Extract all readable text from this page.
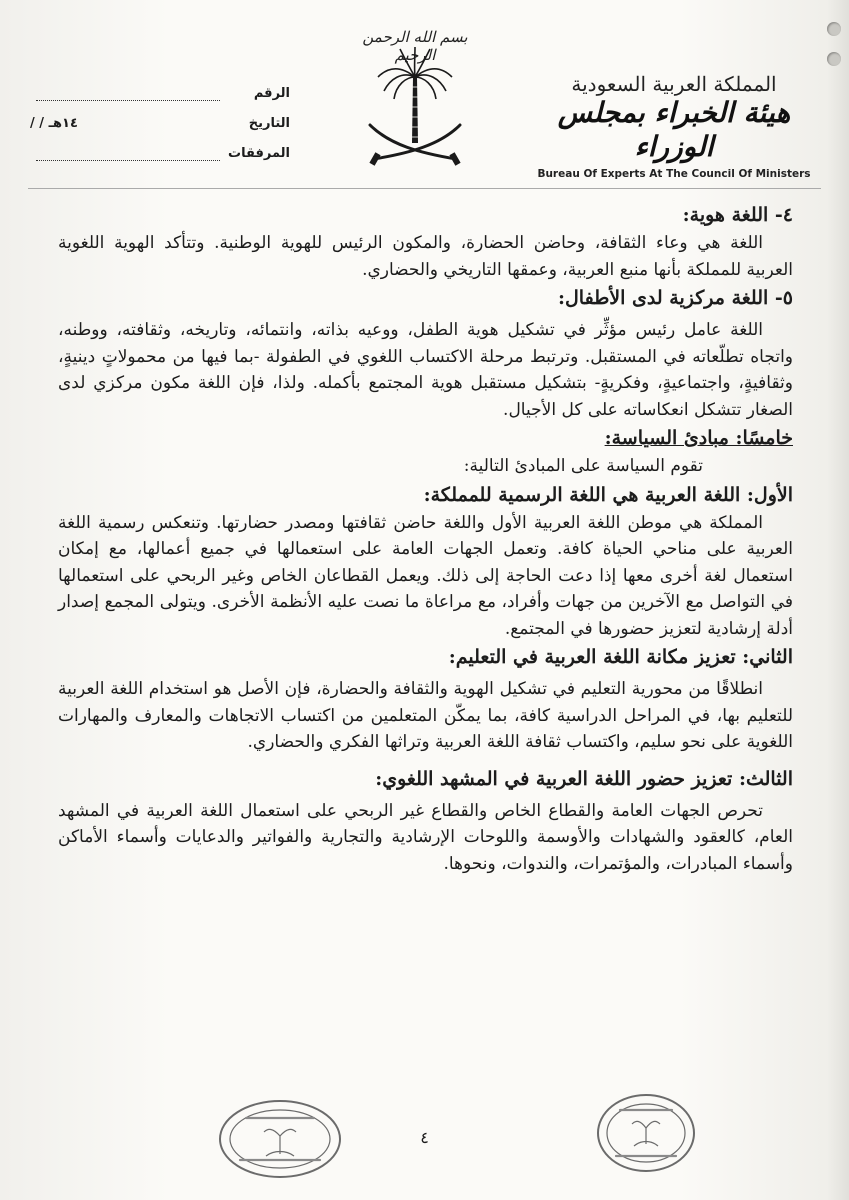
الرقم
التاريخ
/ / ١٤هـ
المرفقات
بسم الله الرحمن الرحيم
المملكة العربية السعودية
هيئة الخبراء بمجلس الوزراء
Bureau Of Experts At The Council Of Ministers

٤- اللغة هوية:

اللغة هي وعاء الثقافة، وحاضن الحضارة، والمكون الرئيس للهوية الوطنية. وتتأكد الهوية اللغوية العربية للمملكة بأنها منبع العربية، وعمقها التاريخي والحضاري.

٥- اللغة مركزية لدى الأطفال:

اللغة عامل رئيس مؤثِّر في تشكيل هوية الطفل، ووعيه بذاته، وانتمائه، وتاريخه، وثقافته، ووطنه، واتجاه تطلّعاته في المستقبل. وترتبط مرحلة الاكتساب اللغوي في الطفولة -بما فيها من محمولاتٍ دينيةٍ، وثقافيةٍ، واجتماعيةٍ، وفكريةٍ- بتشكيل مستقبل هوية المجتمع بأكمله. ولذا، فإن اللغة مكون مركزي لدى الصغار تتشكل انعكاساته على كل الأجيال.

خامسًا: مبادئ السياسة:

تقوم السياسة على المبادئ التالية:

الأول: اللغة العربية هي اللغة الرسمية للمملكة:

المملكة هي موطن اللغة العربية الأول واللغة حاضن ثقافتها ومصدر حضارتها. وتنعكس رسمية اللغة العربية على مناحي الحياة كافة. وتعمل الجهات العامة على استعمالها في جميع أعمالها، مع إمكان استعمال لغة أخرى معها إذا دعت الحاجة إلى ذلك. ويعمل القطاعان الخاص وغير الربحي على استعمالها في التواصل مع الآخرين من جهات وأفراد، مع مراعاة ما نصت عليه الأنظمة الأخرى. ويتولى المجمع إصدار أدلة إرشادية لتعزيز حضورها في المجتمع.

الثاني: تعزيز مكانة اللغة العربية في التعليم:

انطلاقًا من محورية التعليم في تشكيل الهوية والثقافة والحضارة، فإن الأصل هو استخدام اللغة العربية للتعليم بها، في المراحل الدراسية كافة، بما يمكّن المتعلمين من اكتساب الاتجاهات والمعارف والمهارات اللغوية على نحو سليم، واكتساب ثقافة اللغة العربية وتراثها الفكري والحضاري.

الثالث: تعزيز حضور اللغة العربية في المشهد اللغوي:

تحرص الجهات العامة والقطاع الخاص والقطاع غير الربحي على استعمال اللغة العربية في المشهد العام، كالعقود والشهادات والأوسمة واللوحات الإرشادية والتجارية والفواتير والدعايات وأسماء الأماكن وأسماء المبادرات، والمؤتمرات، والندوات، ونحوها.

٤
